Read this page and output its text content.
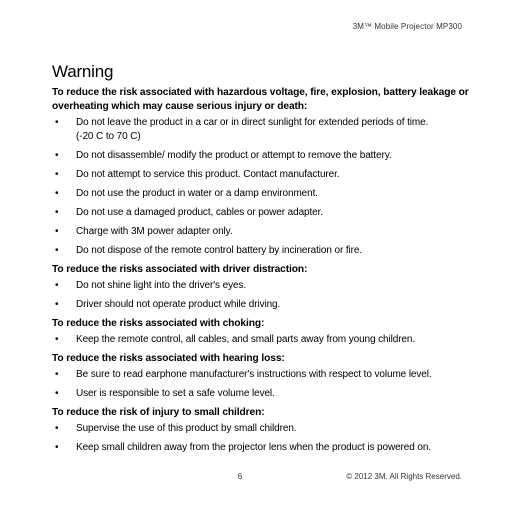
3M™ Mobile Projector MP300
Warning
To reduce the risk associated with hazardous voltage, fire, explosion, battery leakage or overheating which may cause serious injury or death:
• Do not leave the product in a car or in direct sunlight for extended periods of time.
(-20 C to 70 C)
• Do not disassemble/ modify the product or attempt to remove the battery.
• Do not attempt to service this product. Contact manufacturer.
• Do not use the product in water or a damp environment.
• Do not use a damaged product, cables or power adapter.
• Charge with 3M power adapter only.
• Do not dispose of the remote control battery by incineration or fire.
To reduce the risks associated with driver distraction:
• Do not shine light into the driver's eyes.
• Driver should not operate product while driving.
To reduce the risks associated with choking:
• Keep the remote control, all cables, and small parts away from young children.
To reduce the risks associated with hearing loss:
• Be sure to read earphone manufacturer's instructions with respect to volume level.
• User is responsible to set a safe volume level.
To reduce the risk of injury to small children:
• Supervise the use of this product by small children.
• Keep small children away from the projector lens when the product is powered on.
6	© 2012 3M. All Rights Reserved.
